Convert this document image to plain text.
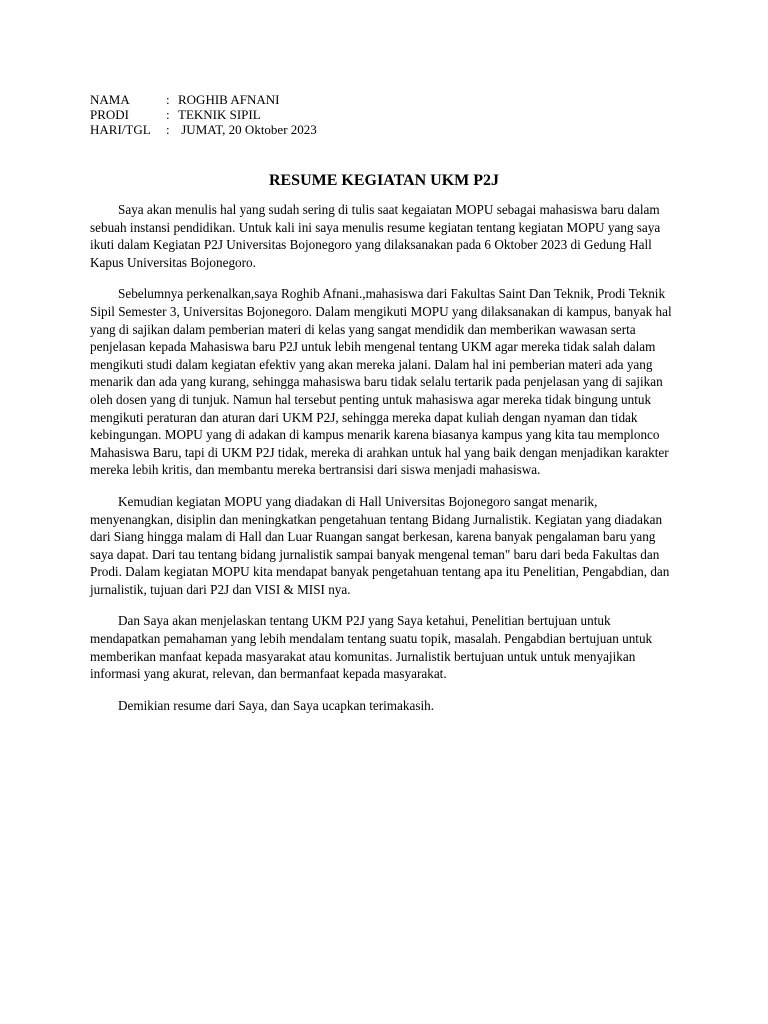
NAMA	: ROGHIB AFNANI
PRODI	: TEKNIK SIPIL
HARI/TGL	: JUMAT, 20 Oktober 2023
RESUME KEGIATAN UKM P2J

Saya akan menulis hal yang sudah sering di tulis saat kegaiatan MOPU sebagai mahasiswa baru dalam sebuah instansi pendidikan. Untuk kali ini saya menulis resume kegiatan tentang kegiatan MOPU yang saya ikuti dalam Kegiatan P2J Universitas Bojonegoro yang dilaksanakan pada 6 Oktober 2023 di Gedung Hall Kapus Universitas Bojonegoro.

Sebelumnya perkenalkan,saya Roghib Afnani.,mahasiswa dari Fakultas Saint Dan Teknik, Prodi Teknik Sipil Semester 3, Universitas Bojonegoro. Dalam mengikuti MOPU yang dilaksanakan di kampus, banyak hal yang di sajikan dalam pemberian materi di kelas yang sangat mendidik dan memberikan wawasan serta penjelasan kepada Mahasiswa baru P2J untuk lebih mengenal tentang UKM agar mereka tidak salah dalam mengikuti studi dalam kegiatan efektiv yang akan mereka jalani. Dalam hal ini pemberian materi ada yang menarik dan ada yang kurang, sehingga mahasiswa baru tidak selalu tertarik pada penjelasan yang di sajikan oleh dosen yang di tunjuk. Namun hal tersebut penting untuk mahasiswa agar mereka tidak bingung untuk mengikuti peraturan dan aturan dari UKM P2J, sehingga mereka dapat kuliah dengan nyaman dan tidak kebingungan. MOPU yang di adakan di kampus menarik karena biasanya kampus yang kita tau memplonco Mahasiswa Baru, tapi di UKM P2J tidak, mereka di arahkan untuk hal yang baik dengan menjadikan karakter mereka lebih kritis, dan membantu mereka bertransisi dari siswa menjadi mahasiswa.

Kemudian kegiatan MOPU yang diadakan di Hall Universitas Bojonegoro sangat menarik, menyenangkan, disiplin dan meningkatkan pengetahuan tentang Bidang Jurnalistik. Kegiatan yang diadakan dari Siang hingga malam di Hall dan Luar Ruangan sangat berkesan, karena banyak pengalaman baru yang saya dapat. Dari tau tentang bidang jurnalistik sampai banyak mengenal teman" baru dari beda Fakultas dan Prodi. Dalam kegiatan MOPU kita mendapat banyak pengetahuan tentang apa itu Penelitian, Pengabdian, dan jurnalistik, tujuan dari P2J dan VISI & MISI nya.

Dan Saya akan menjelaskan tentang UKM P2J yang Saya ketahui, Penelitian bertujuan untuk mendapatkan pemahaman yang lebih mendalam tentang suatu topik, masalah. Pengabdian bertujuan untuk memberikan manfaat kepada masyarakat atau komunitas. Jurnalistik bertujuan untuk untuk menyajikan informasi yang akurat, relevan, dan bermanfaat kepada masyarakat.

Demikian resume dari Saya, dan Saya ucapkan terimakasih.
